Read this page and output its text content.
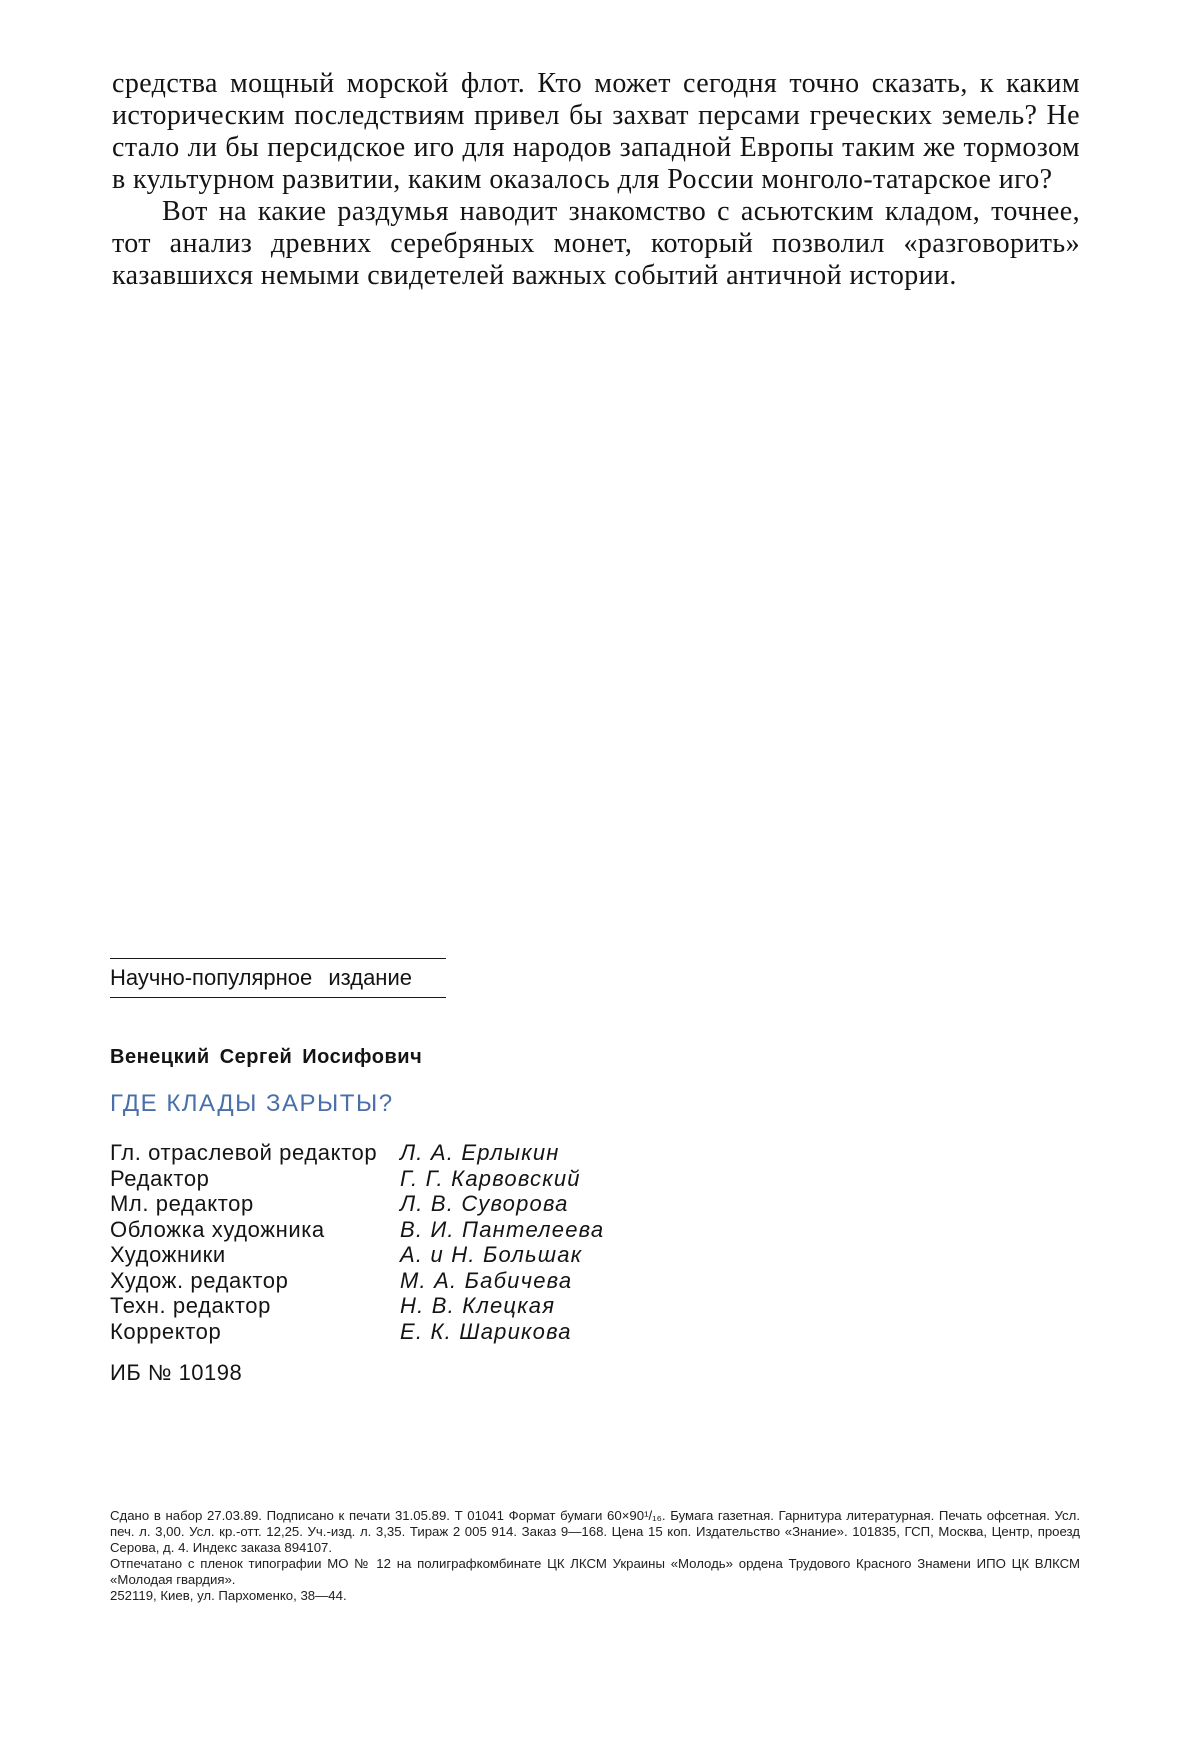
средства мощный морской флот. Кто может сегодня точно сказать, к каким историческим последствиям привел бы захват персами греческих земель? Не стало ли бы персидское иго для народов западной Европы таким же тормозом в культурном развитии, каким оказалось для России монголо-татарское иго?

Вот на какие раздумья наводит знакомство с асьютским кладом, точнее, тот анализ древних серебряных монет, который позволил «разговорить» казавшихся немыми свидетелей важных событий античной истории.

Научно-популярное издание
Венецкий Сергей Иосифович
ГДЕ КЛАДЫ ЗАРЫТЫ?
Гл. отраслевой редактор	Л. А. Ерлыкин
Редактор	Г. Г. Карвовский
Мл. редактор	Л. В. Суворова
Обложка художника	В. И. Пантелеева
Художники	А. и Н. Большак
Худож. редактор	М. А. Бабичева
Техн. редактор	Н. В. Клецкая
Корректор	Е. К. Шарикова
ИБ № 10198

Сдано в набор 27.03.89. Подписано к печати 31.05.89. Т 01041 Формат бумаги 60×90¹/₁₆. Бумага газетная. Гарнитура литературная. Печать офсетная. Усл. печ. л. 3,00. Усл. кр.-отт. 12,25. Уч.-изд. л. 3,35. Тираж 2 005 914. Заказ 9—168. Цена 15 коп. Издательство «Знание». 101835, ГСП, Москва, Центр, проезд Серова, д. 4. Индекс заказа 894107.

Отпечатано с пленок типографии МО № 12 на полиграфкомбинате ЦК ЛКСМ Украины «Молодь» ордена Трудового Красного Знамени ИПО ЦК ВЛКСМ «Молодая гвардия».

252119, Киев, ул. Пархоменко, 38—44.
